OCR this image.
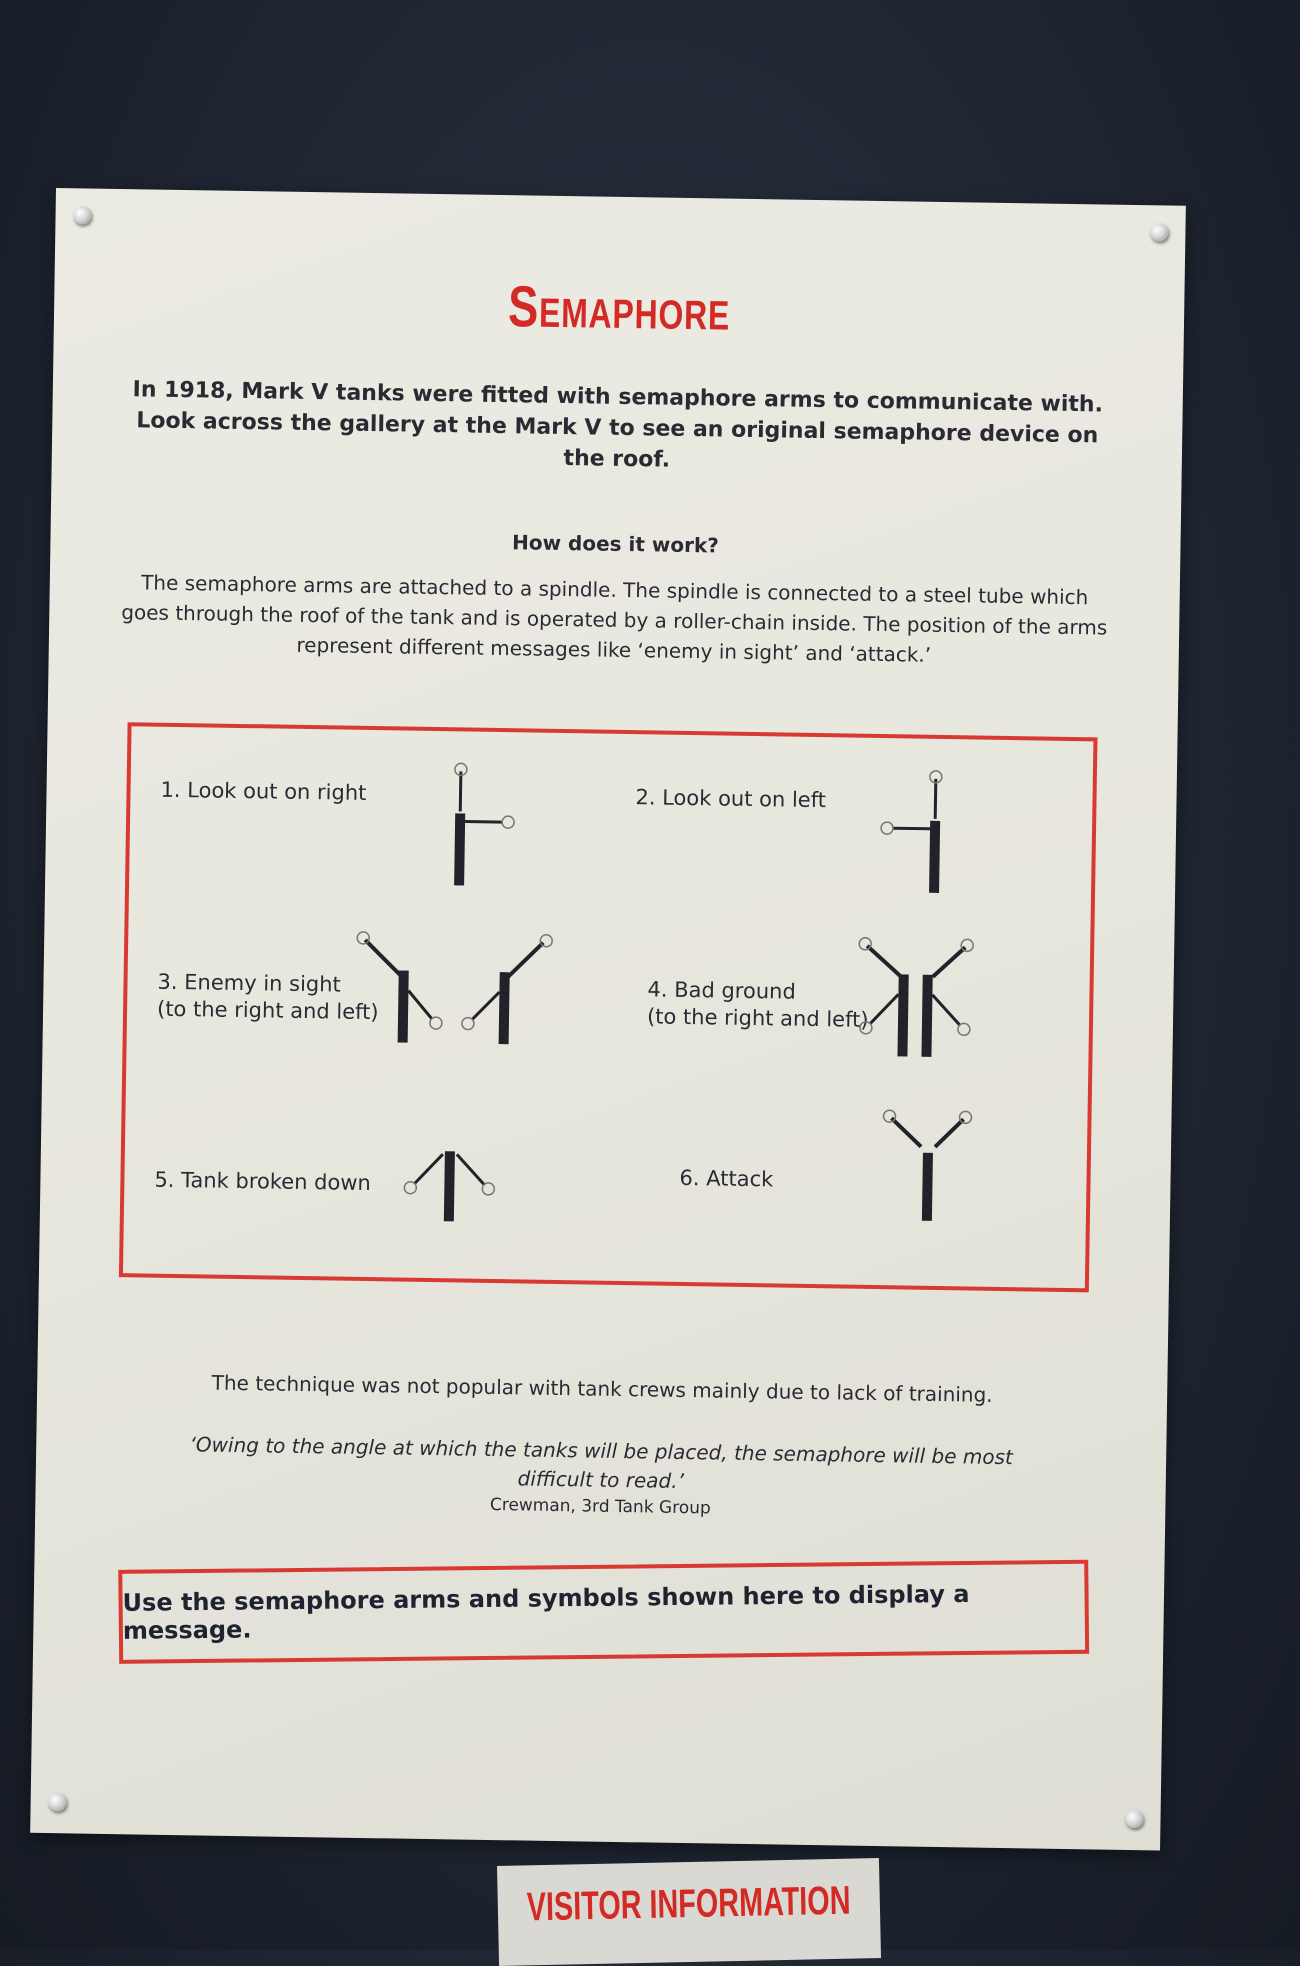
Semaphore
In 1918, Mark V tanks were fitted with semaphore arms to communicate with. Look across the gallery at the Mark V to see an original semaphore device on the roof.
How does it work?
The semaphore arms are attached to a spindle. The spindle is connected to a steel tube which goes through the roof of the tank and is operated by a roller-chain inside. The position of the arms represent different messages like ‘enemy in sight’ and ‘attack.’
1. Look out on right	2. Look out on left
3. Enemy in sight
(to the right and left)
4. Bad ground
(to the right and left)
5. Tank broken down	6. Attack
The technique was not popular with tank crews mainly due to lack of training.
‘Owing to the angle at which the tanks will be placed, the semaphore will be most difficult to read.’
Crewman, 3rd Tank Group
Use the semaphore arms and symbols shown here to display a message.
VISITOR INFORMATION
